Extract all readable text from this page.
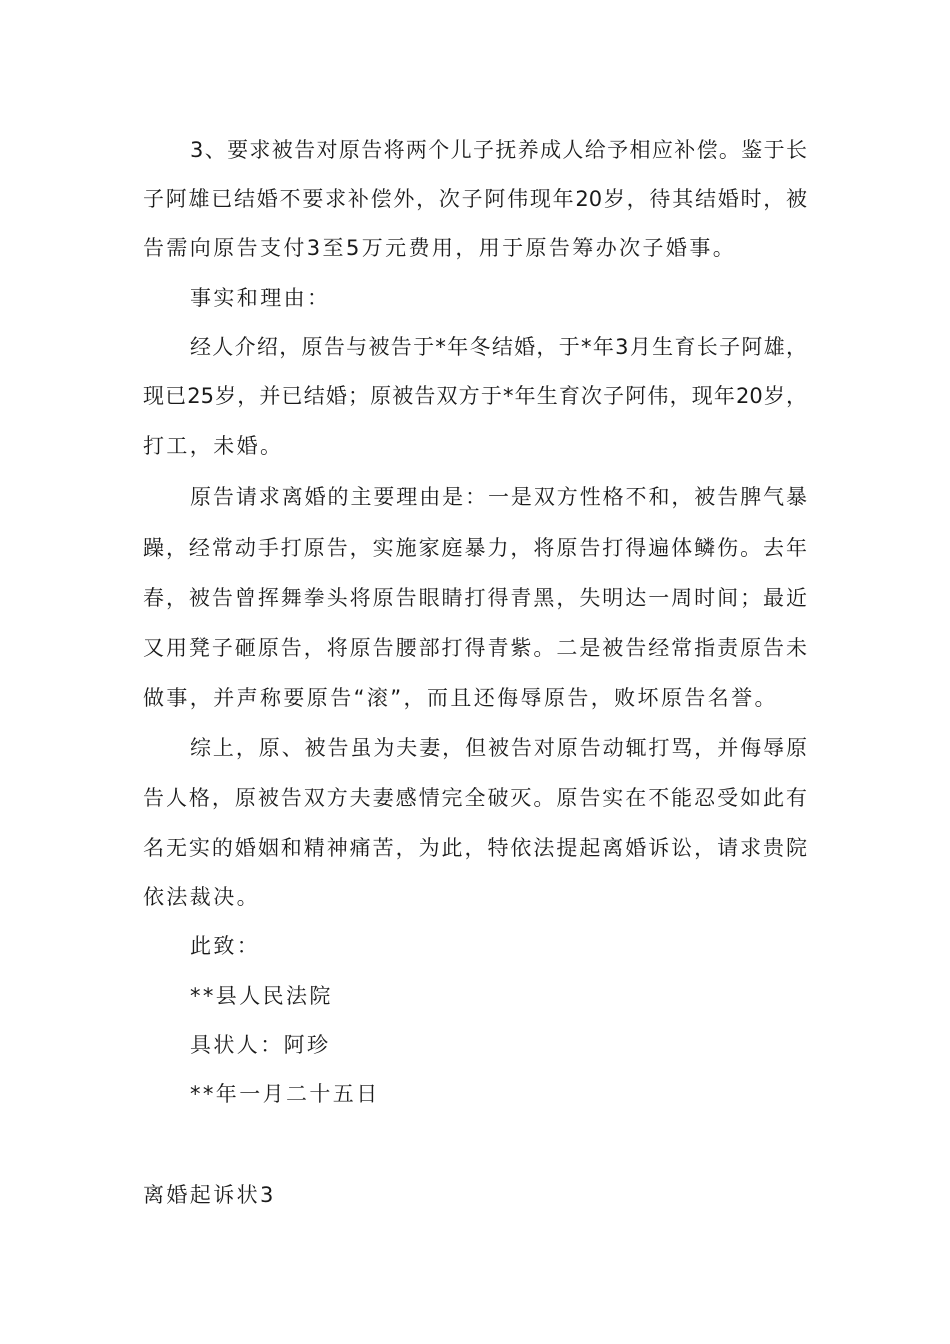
3、要求被告对原告将两个儿子抚养成人给予相应补偿。鉴于长
子阿雄已结婚不要求补偿外，次子阿伟现年20岁，待其结婚时，被
告需向原告支付3至5万元费用，用于原告筹办次子婚事。
事实和理由：
经人介绍，原告与被告于*年冬结婚，于*年3月生育长子阿雄，
现已25岁，并已结婚；原被告双方于*年生育次子阿伟，现年20岁，
打工，未婚。
原告请求离婚的主要理由是：一是双方性格不和，被告脾气暴
躁，经常动手打原告，实施家庭暴力，将原告打得遍体鳞伤。去年
春，被告曾挥舞拳头将原告眼睛打得青黑，失明达一周时间；最近
又用凳子砸原告，将原告腰部打得青紫。二是被告经常指责原告未
做事，并声称要原告“滚”，而且还侮辱原告，败坏原告名誉。
综上，原、被告虽为夫妻，但被告对原告动辄打骂，并侮辱原
告人格，原被告双方夫妻感情完全破灭。原告实在不能忍受如此有
名无实的婚姻和精神痛苦，为此，特依法提起离婚诉讼，请求贵院
依法裁决。
此致：
**县人民法院
具状人：阿珍
**年一月二十五日
离婚起诉状3
